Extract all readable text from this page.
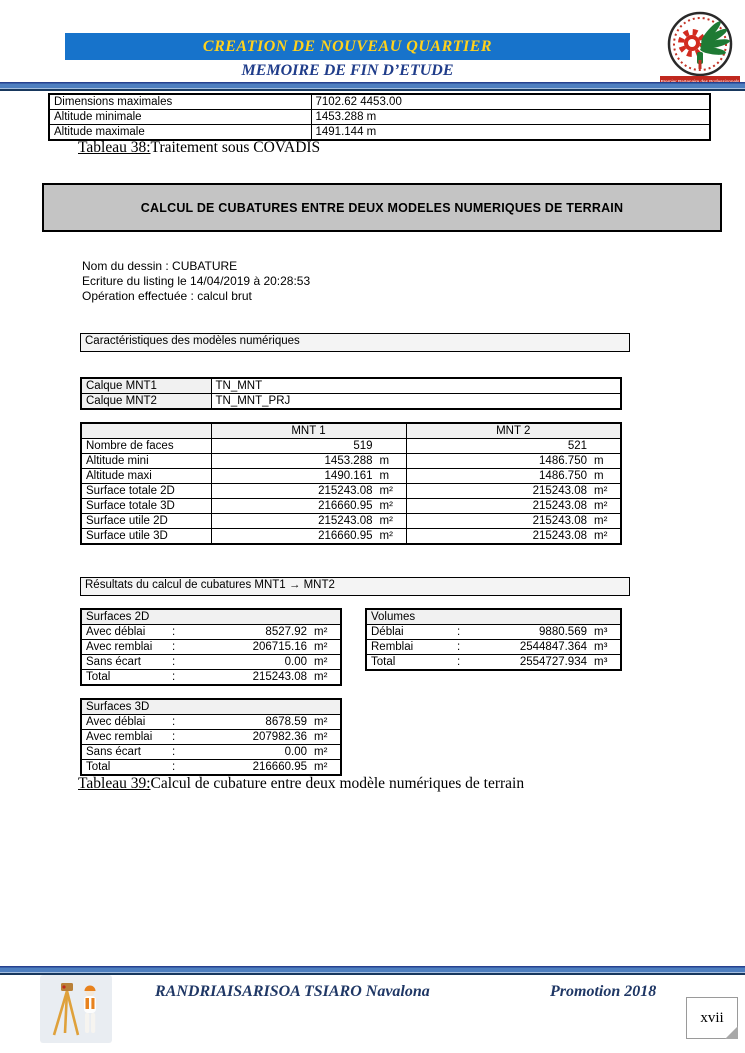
CREATION DE NOUVEAU QUARTIER
MEMOIRE DE FIN D’ETUDE
Dimensions maximales	7102.62 4453.00
Altitude minimale	1453.288 m
Altitude maximale	1491.144 m
Tableau 38:Traitement sous COVADIS
CALCUL DE CUBATURES ENTRE DEUX MODELES NUMERIQUES DE TERRAIN
Nom du dessin : CUBATURE
Ecriture du listing le 14/04/2019 à 20:28:53
Opération effectuée : calcul brut
Caractéristiques des modèles numériques
Calque MNT1	TN_MNT
Calque MNT2	TN_MNT_PRJ
	MNT 1	MNT 2
Nombre de faces	519	521

Altitude mini	1453.288 m	1486.750 m

Altitude maxi	1490.161 m	1486.750 m

Surface totale 2D	215243.08 m²	215243.08 m²

Surface totale 3D	216660.95 m²	215243.08 m²

Surface utile 2D	215243.08 m²	215243.08 m²

Surface utile 3D	216660.95 m²	215243.08 m²
Résultats du calcul de cubatures MNT1 → MNT2
Surfaces 2D

Avec déblai	:	8527.92 m²

Avec remblai	:	206715.16 m²

Sans écart	:	0.00 m²

Total	:	215243.08 m²
Volumes

Déblai	:	9880.569 m³

Remblai	:	2544847.364 m³

Total	:	2554727.934 m³
Surfaces 3D

Avec déblai	:	8678.59 m²

Avec remblai	:	207982.36 m²

Sans écart	:	0.00 m²

Total	:	216660.95 m²
Tableau 39:Calcul de cubature entre deux modèle numériques de terrain
RANDRIAISARISOA TSIARO Navalona	Promotion 2018
xvii
